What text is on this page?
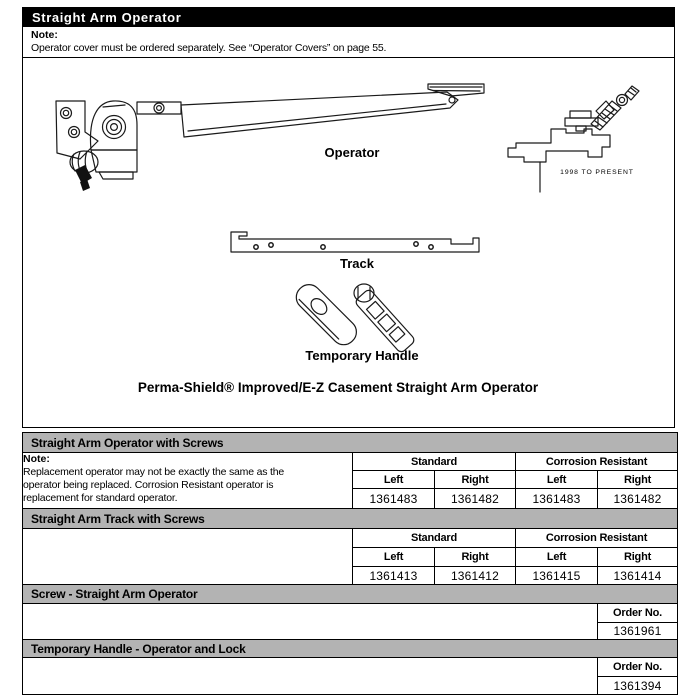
Straight Arm Operator
Note:
Operator cover must be ordered separately. See “Operator Covers” on page 55.
Operator
Track
Temporary Handle
1998 TO PRESENT
Perma-Shield® Improved/E-Z Casement Straight Arm Operator
Straight Arm Operator with Screws				

Note:
Replacement operator may not be exactly the same as the
operator being replaced. Corrosion Resistant operator is
replacement for standard operator.	Standard		Corrosion Resistant	
	Left	Right	Left	Right
	1361483	1361482	1361483	1361482
Straight Arm Track with Screws				
	Standard		Corrosion Resistant	
	Left	Right	Left	Right
	1361413	1361412	1361415	1361414
Screw - Straight Arm Operator				
				Order No.
				1361961
Temporary Handle - Operator and Lock				
				Order No.
				1361394
